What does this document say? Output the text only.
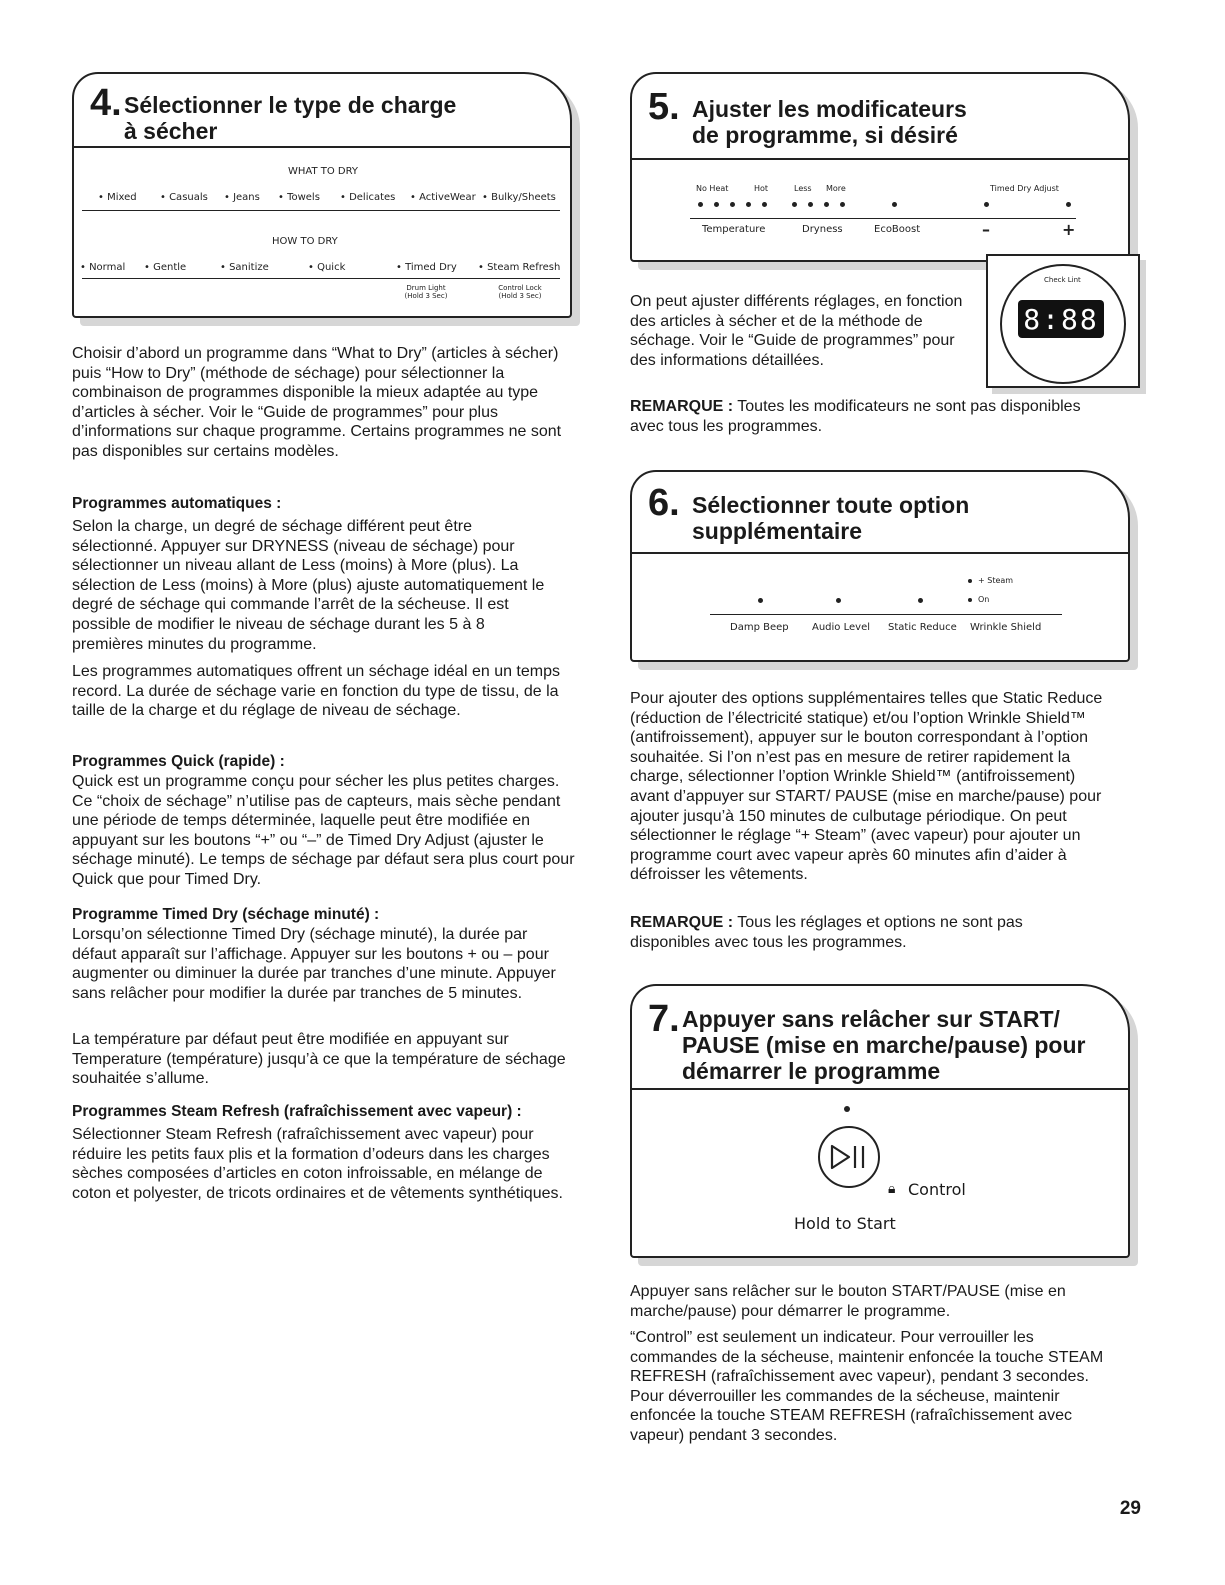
4. Sélectionner le type de charge
à sécher
WHAT TO DRY
• Mixed • Casuals • Jeans • Towels • Delicates • ActiveWear • Bulky/Sheets
HOW TO DRY
• Normal • Gentle	• Sanitize	• Quick	• Timed Dry • Steam Refresh
Drum Light
(Hold 3 Sec)
Control Lock
(Hold 3 Sec)

Choisir d’abord un programme dans “What to Dry” (articles à sécher) puis “How to Dry” (méthode de séchage) pour sélectionner la combinaison de programmes disponible la mieux adaptée au type d’articles à sécher. Voir le “Guide de programmes” pour plus d’informations sur chaque programme. Certains programmes ne sont pas disponibles sur certains modèles.

Programmes automatiques :

Selon la charge, un degré de séchage différent peut être sélectionné. Appuyer sur DRYNESS (niveau de séchage) pour sélectionner un niveau allant de Less (moins) à More (plus). La sélection de Less (moins) à More (plus) ajuste automatiquement le degré de séchage qui commande l’arrêt de la sécheuse. Il est possible de modifier le niveau de séchage durant les 5 à 8 premières minutes du programme.

Les programmes automatiques offrent un séchage idéal en un temps record. La durée de séchage varie en fonction du type de tissu, de la taille de la charge et du réglage de niveau de séchage.

Programmes Quick (rapide) :

Quick est un programme conçu pour sécher les plus petites charges. Ce “choix de séchage” n’utilise pas de capteurs, mais sèche pendant une période de temps déterminée, laquelle peut être modifiée en appuyant sur les boutons “+” ou “–” de Timed Dry Adjust (ajuster le séchage minuté). Le temps de séchage par défaut sera plus court pour Quick que pour Timed Dry.

Programme Timed Dry (séchage minuté) :

Lorsqu’on sélectionne Timed Dry (séchage minuté), la durée par défaut apparaît sur l’affichage. Appuyer sur les boutons + ou – pour augmenter ou diminuer la durée par tranches d’une minute. Appuyer sans relâcher pour modifier la durée par tranches de 5 minutes.

La température par défaut peut être modifiée en appuyant sur Temperature (température) jusqu’à ce que la température de séchage souhaitée s’allume.

Programmes Steam Refresh (rafraîchissement avec vapeur) :

Sélectionner Steam Refresh (rafraîchissement avec vapeur) pour réduire les petits faux plis et la formation d’odeurs dans les charges sèches composées d’articles en coton infroissable, en mélange de coton et polyester, de tricots ordinaires et de vêtements synthétiques.

5. Ajuster les modificateurs
de programme, si désiré
No Heat	Hot	Less More	Timed Dry Adjust
Temperature	Dryness	EcoBoost	–	+
Check Lint
8:88

On peut ajuster différents réglages, en fonction des articles à sécher et de la méthode de séchage. Voir le “Guide de programmes” pour des informations détaillées.

REMARQUE : Toutes les modificateurs ne sont pas disponibles avec tous les programmes.

6. Sélectionner toute option
supplémentaire
+ Steam
On
Damp Beep Audio Level Static Reduce Wrinkle Shield

Pour ajouter des options supplémentaires telles que Static Reduce (réduction de l’électricité statique) et/ou l’option Wrinkle Shield™ (antifroissement), appuyer sur le bouton correspondant à l’option souhaitée. Si l’on n’est pas en mesure de retirer rapidement la charge, sélectionner l’option Wrinkle Shield™ (antifroissement) avant d’appuyer sur START/ PAUSE (mise en marche/pause) pour ajouter jusqu’à 150 minutes de culbutage périodique. On peut sélectionner le réglage “+ Steam” (avec vapeur) pour ajouter un programme court avec vapeur après 60 minutes afin d’aider à défroisser les vêtements.

REMARQUE : Tous les réglages et options ne sont pas disponibles avec tous les programmes.

7. Appuyer sans relâcher sur START/
PAUSE (mise en marche/pause) pour
démarrer le programme
🔒︎ Control
Hold to Start

Appuyer sans relâcher sur le bouton START/PAUSE (mise en marche/pause) pour démarrer le programme.

“Control” est seulement un indicateur. Pour verrouiller les commandes de la sécheuse, maintenir enfoncée la touche STEAM REFRESH (rafraîchissement avec vapeur), pendant 3 secondes. Pour déverrouiller les commandes de la sécheuse, maintenir enfoncée la touche STEAM REFRESH (rafraîchissement avec vapeur) pendant 3 secondes.

29
